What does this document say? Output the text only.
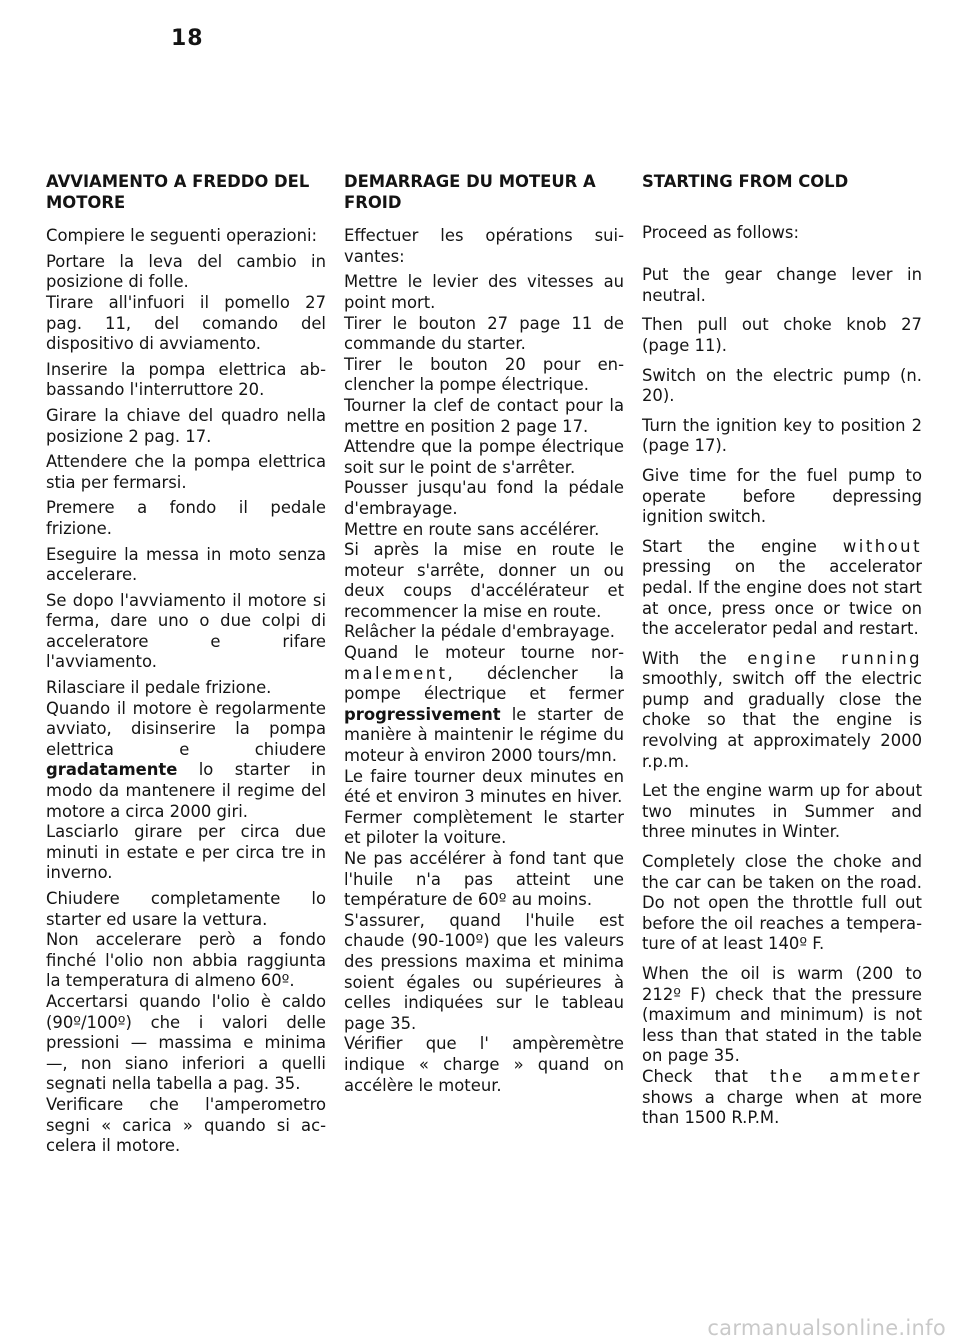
18
AVVIAMENTO A FREDDO DEL MOTORE

Compiere le seguenti operazioni:

Portare la leva del cambio in posizione di folle.

Tirare all'infuori il pomello 27 pag. 11, del comando del dispositivo di avviamento.

Inserire la pompa elettrica abbassando l'interruttore 20.

Girare la chiave del quadro nella posizione 2 pag. 17.

Attendere che la pompa elettrica stia per fermarsi.

Premere a fondo il pedale frizione.

Eseguire la messa in moto senza accelerare.

Se dopo l'avviamento il motore si ferma, dare uno o due colpi di acceleratore e rifare l'avviamento.

Rilasciare il pedale frizione.

Quando il motore è regolarmente avviato, disinserire la pompa elettrica e chiudere gradatamente lo starter in modo da mantenere il regime del motore a circa 2000 giri.

Lasciarlo girare per circa due minuti in estate e per circa tre in inverno.

Chiudere completamente lo starter ed usare la vettura.

Non accelerare però a fondo finché l'olio non abbia raggiunta la temperatura di almeno 60º.

Accertarsi quando l'olio è caldo (90º/100º) che i valori delle pressioni — massima e minima —, non siano inferiori a quelli segnati nella tabella a pag. 35.

Verificare che l'amperometro segni « carica » quando si accelera il motore.

DEMARRAGE DU MOTEUR A FROID

Effectuer les opérations suivantes:

Mettre le levier des vitesses au point mort.

Tirer le bouton 27 page 11 de commande du starter.

Tirer le bouton 20 pour enclencher la pompe électrique.

Tourner la clef de contact pour la mettre en position 2 page 17.

Attendre que la pompe électrique soit sur le point de s'arrêter.

Pousser jusqu'au fond la pédale d'embrayage.

Mettre en route sans accélérer.

Si après la mise en route le moteur s'arrête, donner un ou deux coups d'accélérateur et recommencer la mise en route.

Relâcher la pédale d'embrayage.

Quand le moteur tourne normalement, déclencher la pompe électrique et fermer progressivement le starter de manière à maintenir le régime du moteur à environ 2000 tours/mn.

Le faire tourner deux minutes en été et environ 3 minutes en hiver.

Fermer complètement le starter et piloter la voiture.

Ne pas accélérer à fond tant que l'huile n'a pas atteint une température de 60º au moins.

S'assurer, quand l'huile est chaude (90-100º) que les valeurs des pressions maxima et minima soient égales ou supérieures à celles indiquées sur le tableau page 35.

Vérifier que l' ampèremètre indique « charge » quand on accélère le moteur.

STARTING FROM COLD

Proceed as follows:

Put the gear change lever in neutral.

Then pull out choke knob 27 (page 11).

Switch on the electric pump (n. 20).

Turn the ignition key to position 2 (page 17).

Give time for the fuel pump to operate before depressing ignition switch.

Start the engine without pressing on the accelerator pedal. If the engine does not start at once, press once or twice on the accelerator pedal and restart.

With the engine running smoothly, switch off the electric pump and gradually close the choke so that the engine is revolving at approximately 2000 r.p.m.

Let the engine warm up for about two minutes in Summer and three minutes in Winter.

Completely close the choke and the car can be taken on the road. Do not open the throttle full out before the oil reaches a temperature of at least 140º F.

When the oil is warm (200 to 212º F) check that the pressure (maximum and minimum) is not less than that stated in the table on page 35.

Check that the ammeter shows a charge when at more than 1500 R.P.M.

carmanualsonline.info
